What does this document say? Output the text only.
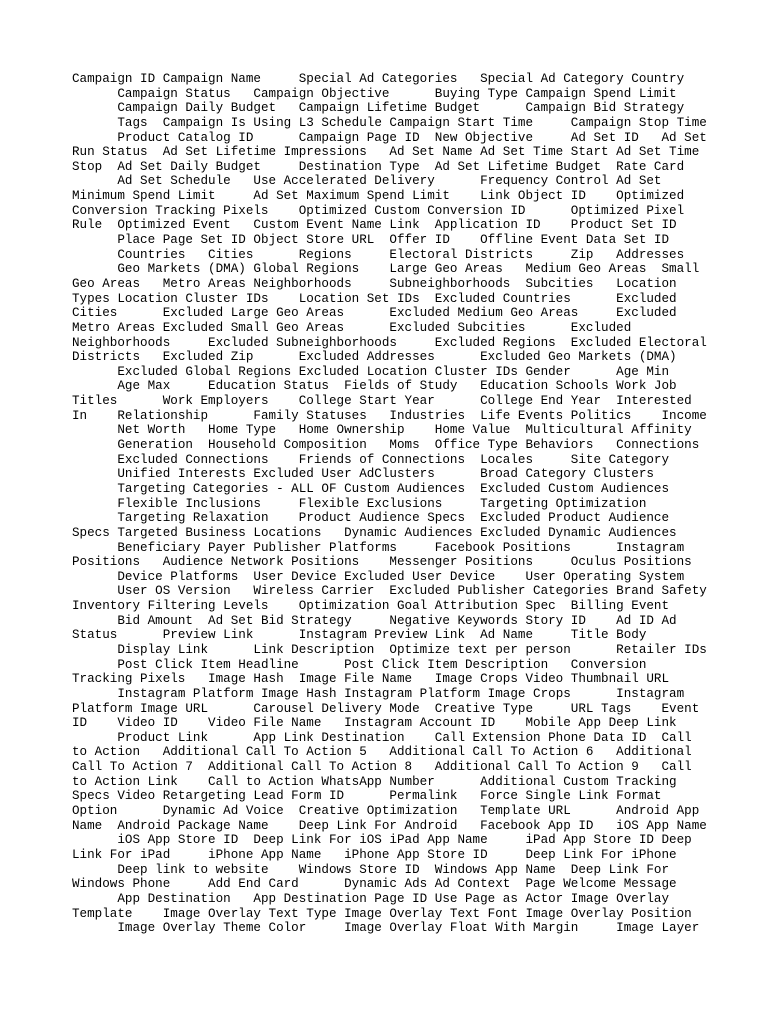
Campaign ID	Campaign Name	Special Ad Categories	Special Ad Category Country
	Campaign Status	Campaign Objective	Buying Type	Campaign Spend Limit
	Campaign Daily Budget	Campaign Lifetime Budget	Campaign Bid Strategy
	Tags	Campaign Is Using L3 Schedule	Campaign Start Time	Campaign Stop Time
	Product Catalog ID	Campaign Page ID	New Objective	Ad Set ID	Ad Set
Run Status	Ad Set Lifetime Impressions	Ad Set Name	Ad Set Time Start	Ad Set Time
Stop	Ad Set Daily Budget	Destination Type	Ad Set Lifetime Budget	Rate Card
	Ad Set Schedule	Use Accelerated Delivery	Frequency Control	Ad Set
Minimum Spend Limit	Ad Set Maximum Spend Limit	Link Object ID	Optimized
Conversion Tracking Pixels	Optimized Custom Conversion ID	Optimized Pixel
Rule	Optimized Event	Custom Event Name	Link	Application ID	Product Set ID
	Place Page Set ID	Object Store URL	Offer ID	Offline Event Data Set ID
	Countries	Cities	Regions	Electoral Districts	Zip	Addresses
	Geo Markets (DMA)	Global Regions	Large Geo Areas	Medium Geo Areas	Small
Geo Areas	Metro Areas	Neighborhoods	Subneighborhoods	Subcities	Location
Types	Location Cluster IDs	Location Set IDs	Excluded Countries	Excluded
Cities	Excluded Large Geo Areas	Excluded Medium Geo Areas	Excluded
Metro Areas	Excluded Small Geo Areas	Excluded Subcities	Excluded
Neighborhoods	Excluded Subneighborhoods	Excluded Regions	Excluded Electoral
Districts	Excluded Zip	Excluded Addresses	Excluded Geo Markets (DMA)
	Excluded Global Regions	Excluded Location Cluster IDs	Gender	Age Min
	Age Max	Education Status	Fields of Study	Education Schools	Work Job
Titles	Work Employers	College Start Year	College End Year	Interested
In	Relationship	Family Statuses	Industries	Life Events	Politics	Income
	Net Worth	Home Type	Home Ownership	Home Value	Multicultural Affinity
	Generation	Household Composition	Moms	Office Type	Behaviors	Connections
	Excluded Connections	Friends of Connections	Locales	Site Category
	Unified Interests	Excluded User AdClusters	Broad Category Clusters
	Targeting Categories - ALL OF	Custom Audiences	Excluded Custom Audiences
	Flexible Inclusions	Flexible Exclusions	Targeting Optimization
	Targeting Relaxation	Product Audience Specs	Excluded Product Audience
Specs	Targeted Business Locations	Dynamic Audiences	Excluded Dynamic Audiences
	Beneficiary Payer	Publisher Platforms	Facebook Positions	Instagram
Positions	Audience Network Positions	Messenger Positions	Oculus Positions
	Device Platforms	User Device	Excluded User Device	User Operating System
	User OS Version	Wireless Carrier	Excluded Publisher Categories	Brand Safety
Inventory Filtering Levels	Optimization Goal	Attribution Spec	Billing Event
	Bid Amount	Ad Set Bid Strategy	Negative Keywords	Story ID	Ad ID	Ad
Status	Preview Link	Instagram Preview Link	Ad Name	Title	Body
	Display Link	Link Description	Optimize text per person	Retailer IDs
	Post Click Item Headline	Post Click Item Description	Conversion
Tracking Pixels	Image Hash	Image File Name	Image Crops	Video Thumbnail URL
	Instagram Platform Image Hash	Instagram Platform Image Crops	Instagram
Platform Image URL	Carousel Delivery Mode	Creative Type	URL Tags	Event
ID	Video ID	Video File Name	Instagram Account ID	Mobile App Deep Link
	Product Link	App Link Destination	Call Extension Phone Data ID	Call
to Action	Additional Call To Action 5	Additional Call To Action 6	Additional
Call To Action 7	Additional Call To Action 8	Additional Call To Action 9	Call
to Action Link	Call to Action WhatsApp Number	Additional Custom Tracking
Specs	Video Retargeting	Lead Form ID	Permalink	Force Single Link	Format
Option	Dynamic Ad Voice	Creative Optimization	Template URL	Android App
Name	Android Package Name	Deep Link For Android	Facebook App ID	iOS App Name
	iOS App Store ID	Deep Link For iOS	iPad App Name	iPad App Store ID	Deep
Link For iPad	iPhone App Name	iPhone App Store ID	Deep Link For iPhone
	Deep link to website	Windows Store ID	Windows App Name	Deep Link For
Windows Phone	Add End Card	Dynamic Ads Ad Context	Page Welcome Message
	App Destination	App Destination Page ID	Use Page as Actor	Image Overlay
Template	Image Overlay Text Type	Image Overlay Text Font	Image Overlay Position
	Image Overlay Theme Color	Image Overlay Float With Margin	Image Layer
